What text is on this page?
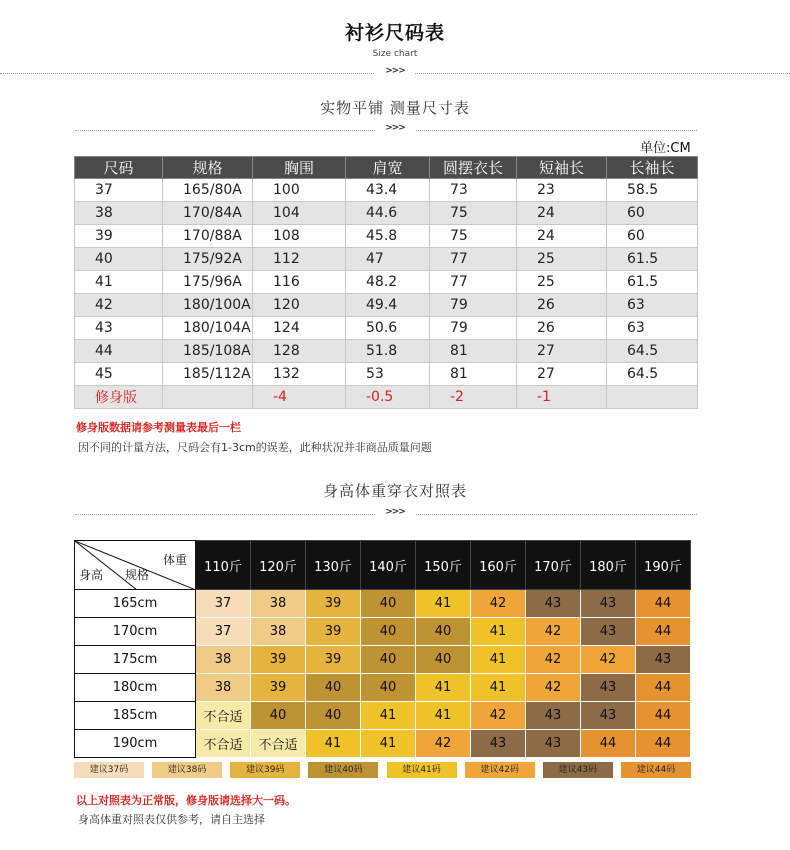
衬衫尺码表
Size chart
>>>
实物平铺 测量尺寸表
>>>
单位:CM
尺码	规格	胸围	肩宽	圆摆衣长	短袖长	长袖长
37	165/80A	100	43.4	73	23	58.5
38	170/84A	104	44.6	75	24	60
39	170/88A	108	45.8	75	24	60
40	175/92A	112	47	77	25	61.5
41	175/96A	116	48.2	77	25	61.5
42	180/100A	120	49.4	79	26	63
43	180/104A	124	50.6	79	26	63
44	185/108A	128	51.8	81	27	64.5
45	185/112A	132	53	81	27	64.5
修身版		-4	-0.5	-2	-1	
修身版数据请参考测量表最后一栏
因不同的计量方法，尺码会有1-3cm的误差，此种状况并非商品质量问题
身高体重穿衣对照表
>>>
体重
身高 规格	110斤	120斤	130斤	140斤	150斤	160斤	170斤	180斤	190斤
165cm	37	38	39	40	41	42	43	43	44
170cm	37	38	39	40	40	41	42	43	44
175cm	38	39	39	40	40	41	42	42	43
180cm	38	39	40	40	41	41	42	43	44
185cm	不合适	40	40	41	41	42	43	43	44
190cm	不合适	不合适	41	41	42	43	43	44	44
建议37码	建议38码	建议39码	建议40码	建议41码	建议42码	建议43码	建议44码
以上对照表为正常版，修身版请选择大一码。
身高体重对照表仅供参考，请自主选择
